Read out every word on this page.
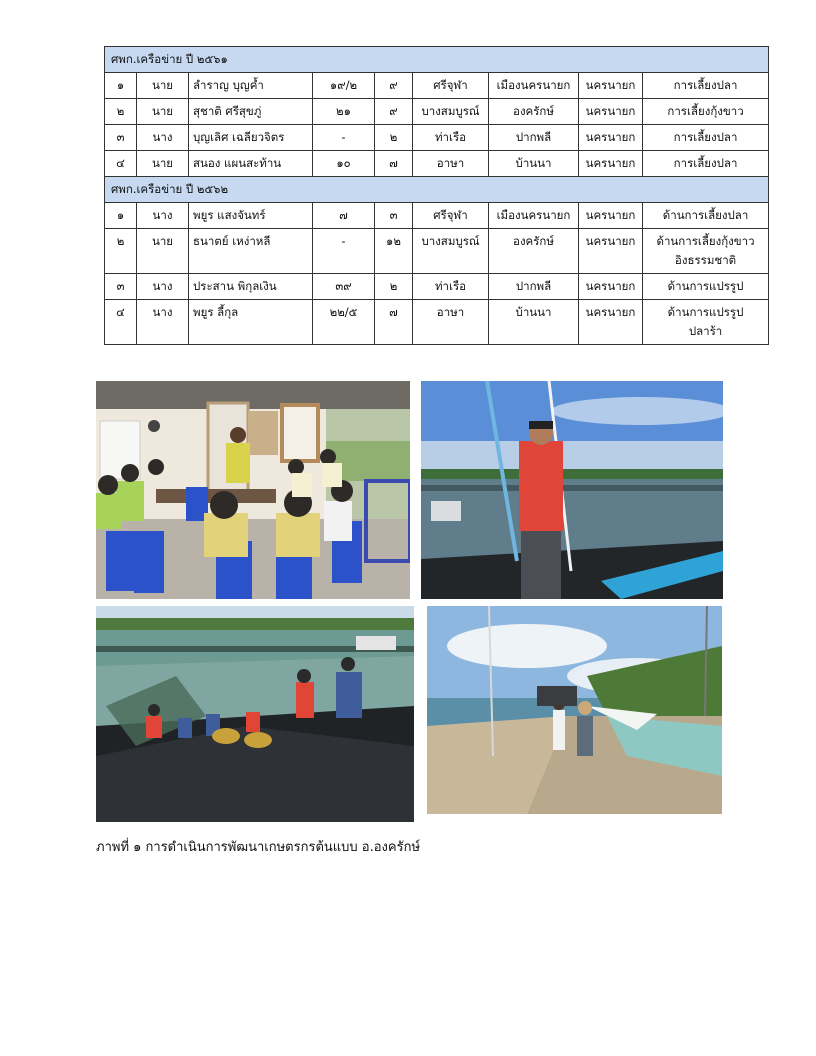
ศพก.เครือข่าย ปี ๒๕๖๑								
๑	นาย	ลำราญ บุญค้ำ	๑๙/๒	๙	ศรีจุฬา	เมืองนครนายก	นครนายก	การเลี้ยงปลา
๒	นาย	สุชาติ ศรีสุขภู่	๒๑	๙	บางสมบูรณ์	องครักษ์	นครนายก	การเลี้ยงกุ้งขาว
๓	นาง	บุญเลิศ เฉลียวจิตร	-	๒	ท่าเรือ	ปากพลี	นครนายก	การเลี้ยงปลา
๔	นาย	สนอง แผนสะท้าน	๑๐	๗	อาษา	บ้านนา	นครนายก	การเลี้ยงปลา
ศพก.เครือข่าย ปี ๒๕๖๒								
๑	นาง	พยูร แสงจันทร์	๗	๓	ศรีจุฬา	เมืองนครนายก	นครนายก	ด้านการเลี้ยงปลา
๒	นาย	ธนาตย์ เหง่าหลี	-	๑๒	บางสมบูรณ์	องครักษ์	นครนายก	ด้านการเลี้ยงกุ้งขาว
อิงธรรมชาติ

๓	นาง	ประสาน พิกุลเงิน	๓๙	๒	ท่าเรือ	ปากพลี	นครนายก	ด้านการแปรรูป
๔	นาง	พยูร ลี้กุล	๒๒/๕	๗	อาษา	บ้านนา	นครนายก	ด้านการแปรรูป
ปลาร้า
ภาพที่ ๑ การดำเนินการพัฒนาเกษตรกรต้นแบบ อ.องครักษ์
